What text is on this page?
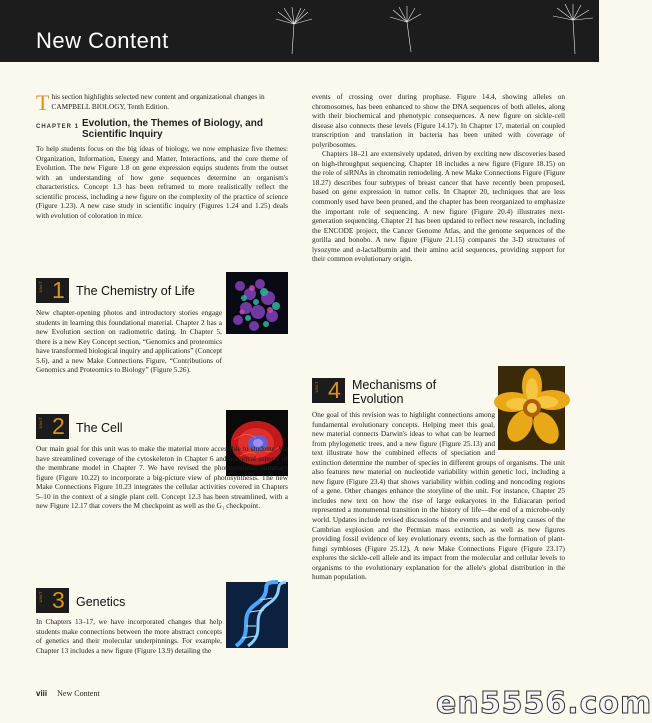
New Content
This section highlights selected new content and organizational changes in CAMPBELL BIOLOGY, Tenth Edition.
CHAPTER 1 Evolution, the Themes of Biology, and Scientific Inquiry
To help students focus on the big ideas of biology, we now emphasize five themes: Organization, Information, Energy and Matter, Interactions, and the core theme of Evolution. The new Figure 1.8 on gene expression equips students from the outset with an understanding of how gene sequences determine an organism's characteristics. Concept 1.3 has been reframed to more realistically reflect the scientific process, including a new figure on the complexity of the practice of science (Figure 1.23). A new case study in scientific inquiry (Figures 1.24 and 1.25) deals with evolution of coloration in mice.
UNIT 1 The Chemistry of Life
New chapter-opening photos and introductory stories engage students in learning this foundational material. Chapter 2 has a new Evolution section on radiometric dating. In Chapter 5, there is a new Key Concept section, “Genomics and proteomics have transformed biological inquiry and applications” (Concept 5.6), and a new Make Connections Figure, “Contributions of Genomics and Proteomics to Biology” (Figure 5.26).
UNIT 2 The Cell
Our main goal for this unit was to make the material more accessible to students. We have streamlined coverage of the cytoskeleton in Chapter 6 and historical aspects of the membrane model in Chapter 7. We have revised the photosynthesis summary figure (Figure 10.22) to incorporate a big-picture view of photosynthesis. The new Make Connections Figure 10.23 integrates the cellular activities covered in Chapters 5–10 in the context of a single plant cell. Concept 12.3 has been streamlined, with a new Figure 12.17 that covers the M checkpoint as well as the G₁ checkpoint.
UNIT 3 Genetics
In Chapters 13–17, we have incorporated changes that help students make connections between the more abstract concepts of genetics and their molecular underpinnings. For example, Chapter 13 includes a new figure (Figure 13.9) detailing the

events of crossing over during prophase. Figure 14.4, showing alleles on chromosomes, has been enhanced to show the DNA sequences of both alleles, along with their biochemical and phenotypic consequences. A new figure on sickle-cell disease also connects these levels (Figure 14.17). In Chapter 17, material on coupled transcription and translation in bacteria has been united with coverage of polyribosomes.

Chapters 18–21 are extensively updated, driven by exciting new discoveries based on high-throughput sequencing. Chapter 18 includes a new figure (Figure 18.15) on the role of siRNAs in chromatin remodeling. A new Make Connections Figure (Figure 18.27) describes four subtypes of breast cancer that have recently been proposed, based on gene expression in tumor cells. In Chapter 20, techniques that are less commonly used have been pruned, and the chapter has been reorganized to emphasize the important role of sequencing. A new figure (Figure 20.4) illustrates next-generation sequencing. Chapter 21 has been updated to reflect new research, including the ENCODE project, the Cancer Genome Atlas, and the genome sequences of the gorilla and bonobo. A new figure (Figure 21.15) compares the 3-D structures of lysozyme and α-lactalbumin and their amino acid sequences, providing support for their common evolutionary origin.

UNIT 4 Mechanisms of Evolution
One goal of this revision was to highlight connections among fundamental evolutionary concepts. Helping meet this goal, new material connects Darwin's ideas to what can be learned from phylogenetic trees, and a new figure (Figure 25.13) and text illustrate how the combined effects of speciation and extinction determine the number of species in different groups of organisms. The unit also features new material on nucleotide variability within genetic loci, including a new figure (Figure 23.4) that shows variability within coding and noncoding regions of a gene. Other changes enhance the storyline of the unit. For instance, Chapter 25 includes new text on how the rise of large eukaryotes in the Ediacaran period represented a monumental transition in the history of life—the end of a microbe-only world. Updates include revised discussions of the events and underlying causes of the Cambrian explosion and the Permian mass extinction, as well as new figures providing fossil evidence of key evolutionary events, such as the formation of plant-fungi symbioses (Figure 25.12). A new Make Connections Figure (Figure 23.17) explores the sickle-cell allele and its impact from the molecular and cellular levels to organisms to the evolutionary explanation for the allele's global distribution in the human population.
viii New Content	en5556.com
